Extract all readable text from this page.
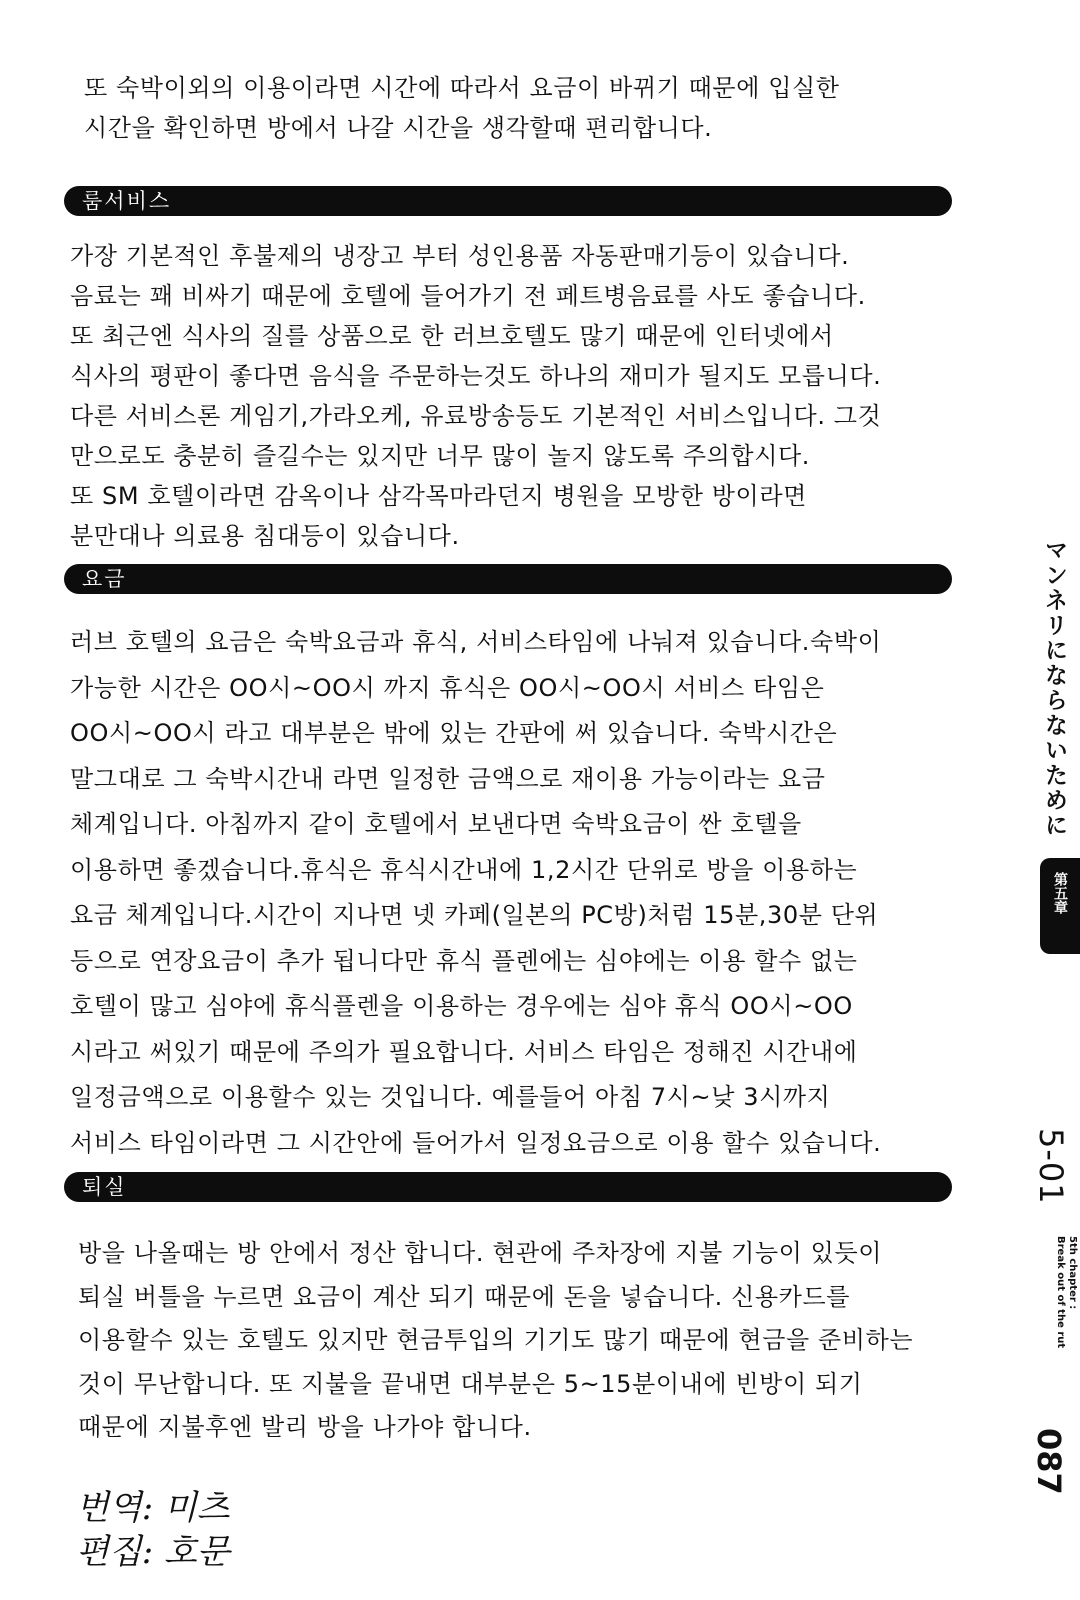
또 숙박이외의 이용이라면 시간에 따라서 요금이 바뀌기 때문에 입실한
시간을 확인하면 방에서 나갈 시간을 생각할때 편리합니다.
룸서비스
가장 기본적인 후불제의 냉장고 부터 성인용품 자동판매기등이 있습니다.
음료는 꽤 비싸기 때문에 호텔에 들어가기 전 페트병음료를 사도 좋습니다.
또 최근엔 식사의 질를 상품으로 한 러브호텔도 많기 때문에 인터넷에서
식사의 평판이 좋다면 음식을 주문하는것도 하나의 재미가 될지도 모릅니다.
다른 서비스론 게임기,가라오케, 유료방송등도 기본적인 서비스입니다. 그것
만으로도 충분히 즐길수는 있지만 너무 많이 놀지 않도록 주의합시다.
또 SM 호텔이라면 감옥이나 삼각목마라던지 병원을 모방한 방이라면
분만대나 의료용 침대등이 있습니다.
요금
러브 호텔의 요금은 숙박요금과 휴식, 서비스타임에 나눠져 있습니다.숙박이
가능한 시간은 OO시~OO시 까지 휴식은 OO시~OO시 서비스 타임은
OO시~OO시 라고 대부분은 밖에 있는 간판에 써 있습니다. 숙박시간은
말그대로 그 숙박시간내 라면 일정한 금액으로 재이용 가능이라는 요금
체계입니다. 아침까지 같이 호텔에서 보낸다면 숙박요금이 싼 호텔을
이용하면 좋겠습니다.휴식은 휴식시간내에 1,2시간 단위로 방을 이용하는
요금 체계입니다.시간이 지나면 넷 카페(일본의 PC방)처럼 15분,30분 단위
등으로 연장요금이 추가 됩니다만 휴식 플렌에는 심야에는 이용 할수 없는
호텔이 많고 심야에 휴식플렌을 이용하는 경우에는 심야 휴식 OO시~OO
시라고 써있기 때문에 주의가 필요합니다. 서비스 타임은 정해진 시간내에
일정금액으로 이용할수 있는 것입니다. 예를들어 아침 7시~낮 3시까지
서비스 타임이라면 그 시간안에 들어가서 일정요금으로 이용 할수 있습니다.
퇴실
방을 나올때는 방 안에서 정산 합니다. 현관에 주차장에 지불 기능이 있듯이
퇴실 버틀을 누르면 요금이 계산 되기 때문에 돈을 넣습니다. 신용카드를
이용할수 있는 호텔도 있지만 현금투입의 기기도 많기 때문에 현금을 준비하는
것이 무난합니다. 또 지불을 끝내면 대부분은 5~15분이내에 빈방이 되기
때문에 지불후엔 발리 방을 나가야 합니다.
번역: 미츠
편집: 호문
マンネリにならないために
第五章
5-01
5th chapter :
Break out of the rut
087
